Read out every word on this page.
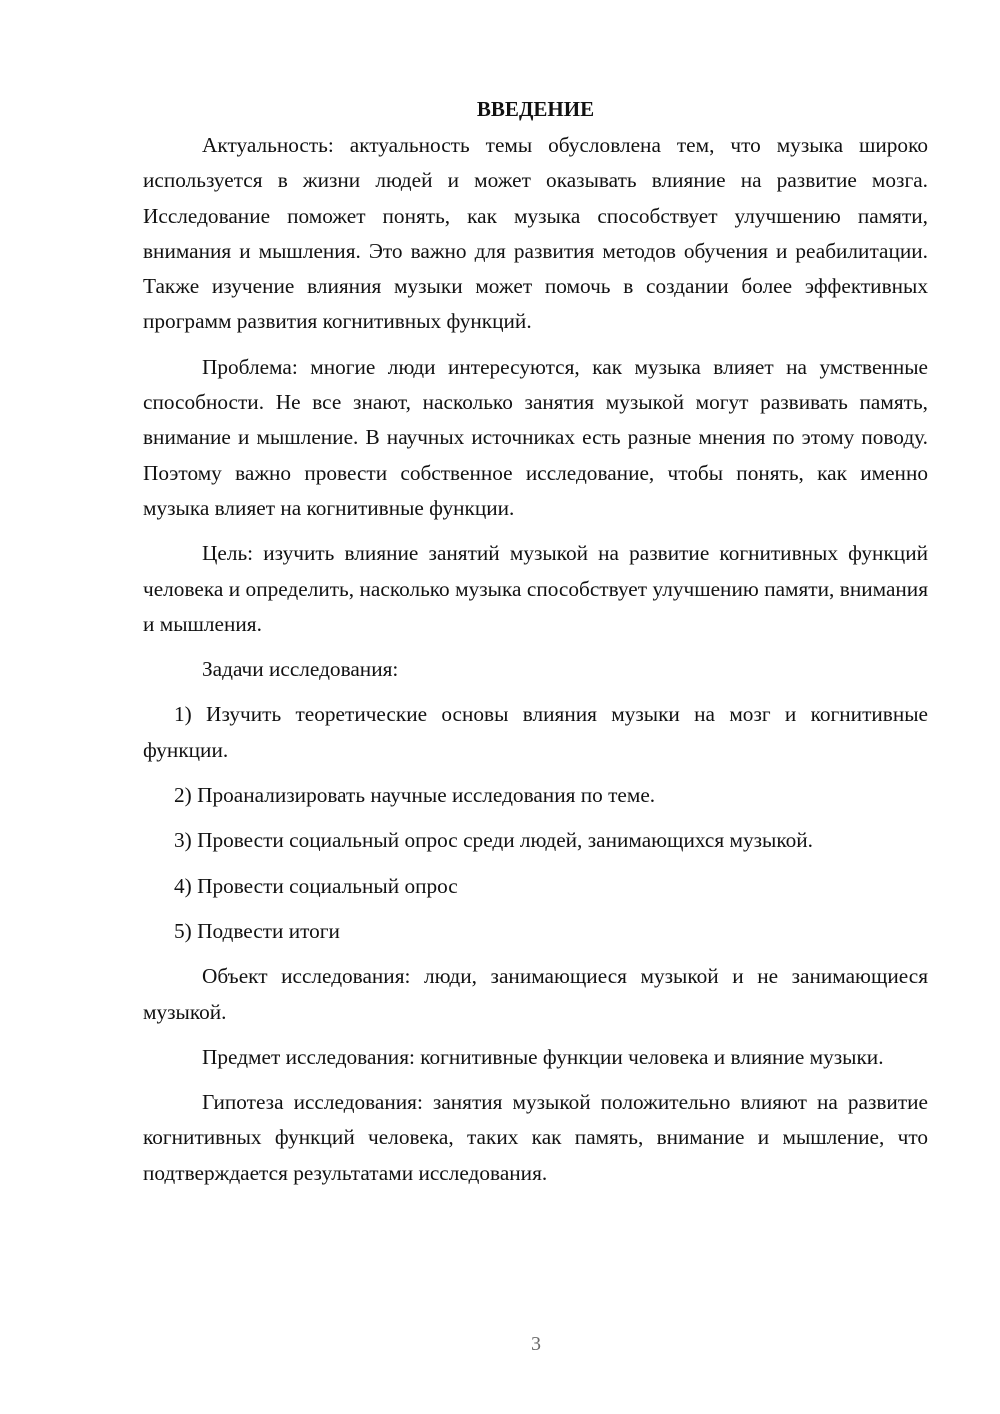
ВВЕДЕНИЕ

Актуальность: актуальность темы обусловлена тем, что музыка широко используется в жизни людей и может оказывать влияние на развитие мозга. Исследование поможет понять, как музыка способствует улучшению памяти, внимания и мышления. Это важно для развития методов обучения и реабилитации. Также изучение влияния музыки может помочь в создании более эффективных программ развития когнитивных функций.

Проблема: многие люди интересуются, как музыка влияет на умственные способности. Не все знают, насколько занятия музыкой могут развивать память, внимание и мышление. В научных источниках есть разные мнения по этому поводу. Поэтому важно провести собственное исследование, чтобы понять, как именно музыка влияет на когнитивные функции.

Цель: изучить влияние занятий музыкой на развитие когнитивных функций человека и определить, насколько музыка способствует улучшению памяти, внимания и мышления.

Задачи исследования:

1) Изучить теоретические основы влияния музыки на мозг и когнитивные функции.

2) Проанализировать научные исследования по теме.

3) Провести социальный опрос среди людей, занимающихся музыкой.

4) Провести социальный опрос

5) Подвести итоги

Объект исследования: люди, занимающиеся музыкой и не занимающиеся музыкой.

Предмет исследования: когнитивные функции человека и влияние музыки.

Гипотеза исследования: занятия музыкой положительно влияют на развитие когнитивных функций человека, таких как память, внимание и мышление, что подтверждается результатами исследования.

3
